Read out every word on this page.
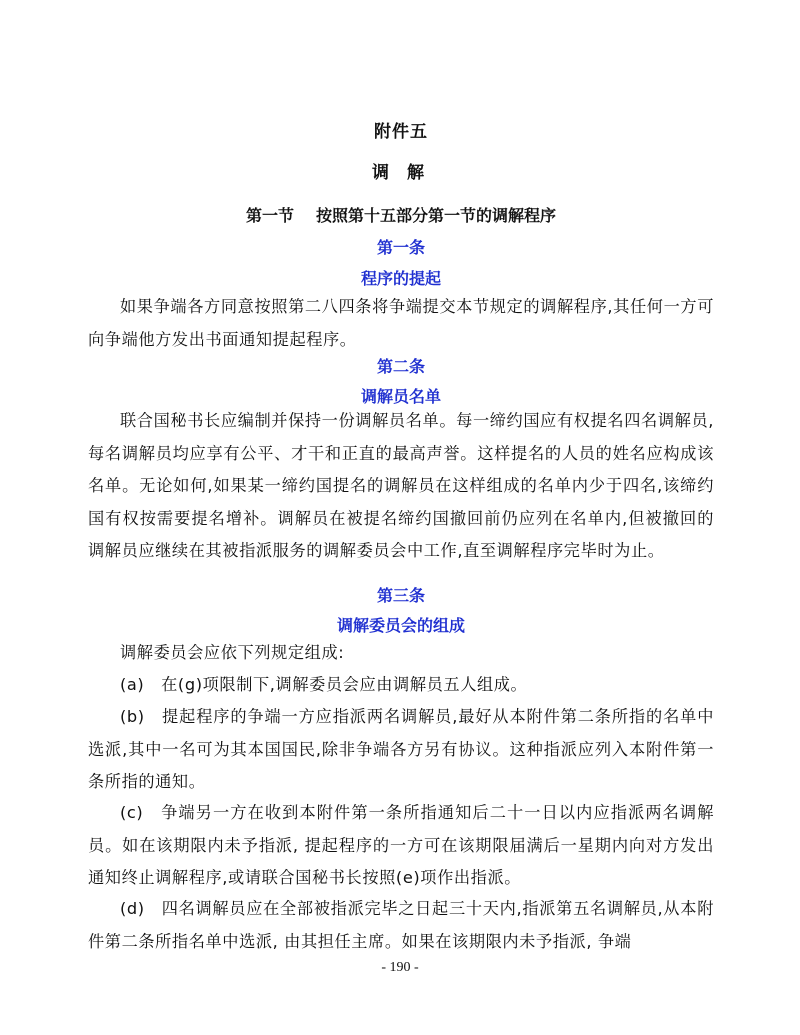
附件五
调 解
第一节 按照第十五部分第一节的调解程序
第一条
程序的提起
如果争端各方同意按照第二八四条将争端提交本节规定的调解程序,其任何一方可向争端他方发出书面通知提起程序。
第二条
调解员名单
联合国秘书长应编制并保持一份调解员名单。每一缔约国应有权提名四名调解员,每名调解员均应享有公平、才干和正直的最高声誉。这样提名的人员的姓名应构成该名单。无论如何,如果某一缔约国提名的调解员在这样组成的名单内少于四名,该缔约国有权按需要提名增补。调解员在被提名缔约国撤回前仍应列在名单内,但被撤回的调解员应继续在其被指派服务的调解委员会中工作,直至调解程序完毕时为止。
第三条
调解委员会的组成
调解委员会应依下列规定组成:
(a)　在(g)项限制下,调解委员会应由调解员五人组成。
(b)　提起程序的争端一方应指派两名调解员,最好从本附件第二条所指的名单中选派,其中一名可为其本国国民,除非争端各方另有协议。这种指派应列入本附件第一条所指的通知。
(c)　争端另一方在收到本附件第一条所指通知后二十一日以内应指派两名调解员。如在该期限内未予指派, 提起程序的一方可在该期限届满后一星期内向对方发出通知终止调解程序,或请联合国秘书长按照(e)项作出指派。
(d)　四名调解员应在全部被指派完毕之日起三十天内,指派第五名调解员,从本附件第二条所指名单中选派, 由其担任主席。如果在该期限内未予指派, 争端
- 190 -
